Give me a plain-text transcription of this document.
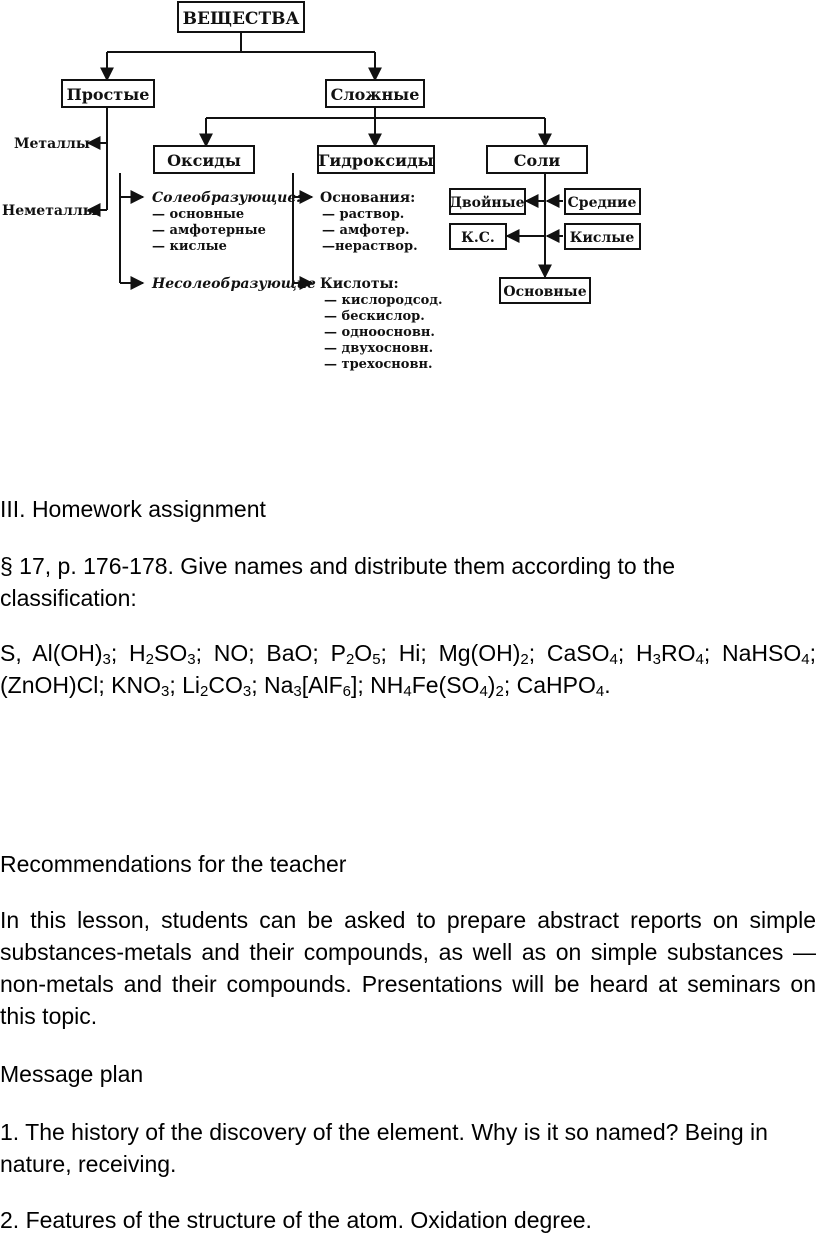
ВЕЩЕСТВА
Простые	Сложные
Оксиды	Гидроксиды	Соли
Двойные	Средние
К.С.	Кислые
Основные
Металлы
Неметаллы
Солеобразующие:
— основные
— амфотерные
— кислые
Несолеобразующие
Основания:
— раствор.
— амфотер.
—нераствор.
Кислоты:
— кислородсод.
— бескислор.
— одноосновн.
— двухосновн.
— трехосновн.

III. Homework assignment

§ 17, p. 176-178. Give names and distribute them according to the classification:

S, $Al(OH)_3$; $H_2SO_3$; NO; BaO; $P_2O_5$; Hi; $Mg(OH)_2$; CaSO$_4$; $H_3RO_4$; NaHSO$_4$; (ZnOH)Cl; $KNO_3$; $Li_2CO_3$; $Na_3[AlF_6]$; $NH_4Fe(SO_4)_2$; CaHPO$_4$.

Recommendations for the teacher

In this lesson, students can be asked to prepare abstract reports on simple substances-metals and their compounds, as well as on simple substances — non-metals and their compounds. Presentations will be heard at seminars on this topic.

Message plan

1. The history of the discovery of the element. Why is it so named? Being in nature, receiving.

2. Features of the structure of the atom. Oxidation degree.
